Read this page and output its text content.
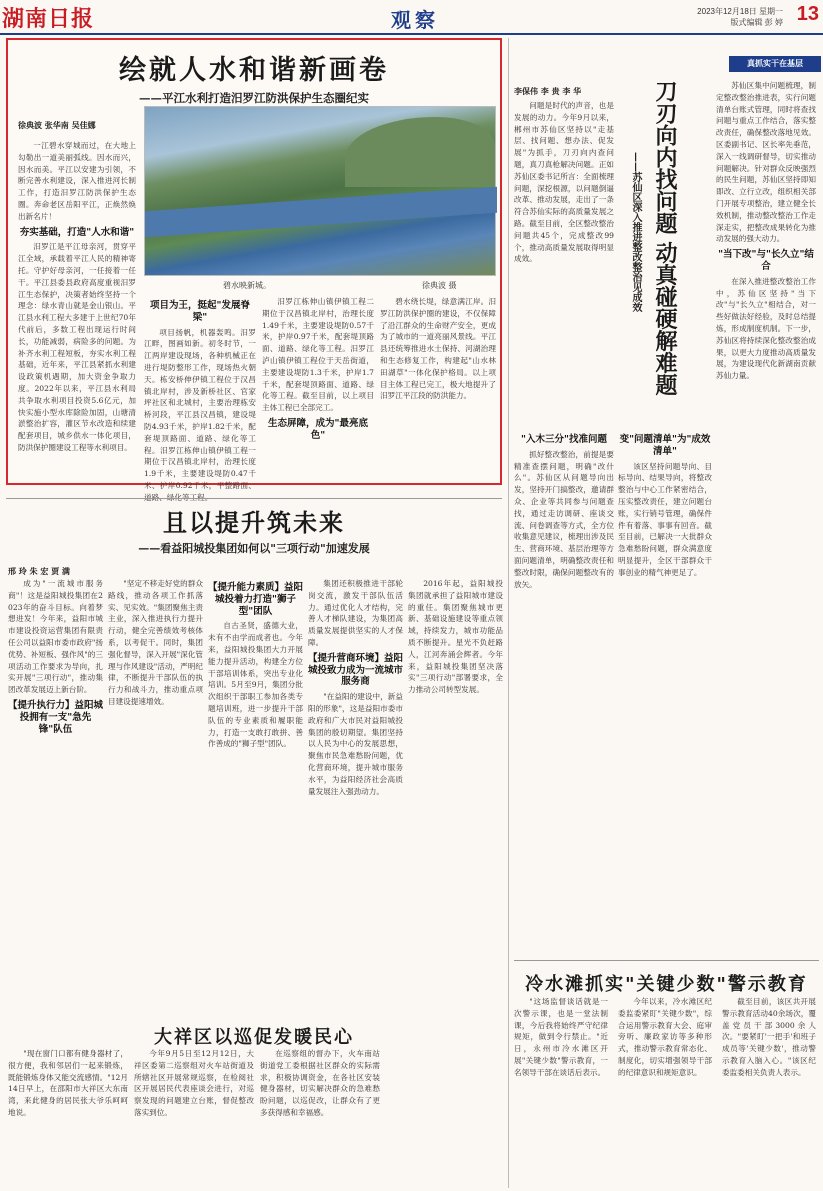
湖南日报	观察	2023年12月18日 星期一
版式编辑 彭 婷 13
绘就人水和谐新画卷
——平江水利打造汨罗江防洪保护生态圈纪实
徐典波 张华南 吴佳娜
碧水映新城。	徐典波 摄

一江碧水穿城而过，在大地上勾勒出一道美丽弧线。因水而兴，因水而美。平江以安建为引领，不断完善水利建设，深入推进河长制工作，打造汨罗江防洪保护生态圈。奔命老区岳阳平江，正焕然焕出新名片！

夯实基础，打造"人水和谐"

汨罗江是平江母亲河，贯穿平江全域，承载着平江人民的精神寄托。守护好母亲河，一任接着一任干。平江县委县政府高度重视汨罗江生态保护，决策者始终坚持一个理念：绿水青山就是金山银山。平江县水利工程大多建于上世纪70年代前后，多数工程出现运行时间长，功能减弱，病险多的问题。为补齐水利工程短板，夯实水利工程基础，近年来，平江县紧抓水利建设政策机遇期，加大资金争取力度。2022年以来，平江县水利局共争取水利项目投资5.6亿元，加快实施小型水库除险加固，山塘清淤整治扩容，灌区节水改造和续建配套项目，城乡供水一体化项目，防洪保护圈建设工程等水利项目。

项目为王，挺起"发展脊梁"

项目扬帆，机器轰鸣。汨罗江畔，图画如新。初冬时节，一江两岸建设现场，各种机械正在进行堤防整形工作，现场热火朝天。栋安桥伸伊镇工程位于汉昌镇北岸村，涉及新桥社区、官家坪社区和北城村，主要治理栋安桥河段，平江县汉昌镇，建设堤防4.93千米，护岸1.82千米，配套堤顶路面、道路、绿化等工程。汨罗江栋伸山镇伊镇工程一期位于汉昌镇北岸村，治理长度1.9千米，主要建设堤防0.47千米、护岸0.92千米，平整路面、

汨罗江栋伸山镇伊镇工程二期位于汉昌镇北岸村，治理长度1.49千米，主要建设堤防0.57千米，护岸0.97千米，配套堤顶路面、道路、绿化等工程。汨罗江泸山镇伊镇工程位于天岳街道，主要建设堤防1.3千米，护岸1.7千米，配套堤顶路面、道路、绿化等工程。截至目前，以上项目主体工程已全部完工。

生态屏障，成为"最亮底色"

碧水绕长堤，绿意满江岸。汨罗江防洪保护圈的建设，不仅保障了沿江群众的生命财产安全，更成为了城市的一道亮丽风景线。平江县还统筹推进水土保持、河湖治理和生态修复工作，构建起"山水林田湖草"一体化保护格局。以上项目主体工程已完工，极大地提升了汨罗江平江段的防洪能力。

且以提升筑未来
——看益阳城投集团如何以"三项行动"加速发展
邢 玲 朱 宏 贾 满

成为"一流城市服务商"！这是益阳城投集团在2023年的奋斗目标。向着梦想进发！今年来，益阳市城市建设投资运营集团有限责任公司以益阳市委市政府"扬优势、补短板、强作风"的三项活动工作要求为导向，扎实开展"三项行动"，推动集团改革发展迈上新台阶。

【提升执行力】益阳城投拥有一支"急先锋"队伍

"坚定不移走好党的群众路线，推动各项工作抓落实、见实效。"集团聚焦主责主业，深入推进执行力提升行动，健全完善绩效考核体系，以考促干。同时，集团强化督导，深入开展"深化管理与作风建设"活动，严明纪律，不断提升干部队伍的执行力和战斗力，推动重点项目建设提速增效。

【提升能力素质】益阳城投着力打造"狮子型"团队

自古圣贤，盛德大业，未有不由学而成者也。今年来，益阳城投集团大力开展能力提升活动，构建全方位干部培训体系，突出专业化培训。5月至9月，集团分批次组织干部职工参加各类专题培训班，进一步提升干部队伍的专业素质和履职能力，打造一支敢打敢拼、善作善成的"狮子型"团队。

集团还积极推进干部轮岗交流，激发干部队伍活力。通过优化人才结构，完善人才梯队建设，为集团高质量发展提供坚实的人才保障。

【提升营商环境】益阳城投致力成为一流城市服务商

"在益阳的建设中，新益阳的形象"，这是益阳市委市政府和广大市民对益阳城投集团的殷切期望。集团坚持以人民为中心的发展思想，聚焦市民急难愁盼问题，优化营商环境，提升城市服务水平，为益阳经济社会高质量发展注入强劲动力。

2016年起，益阳城投集团就承担了益阳城市建设的重任。集团聚焦城市更新、基础设施建设等重点领域，持续发力，城市功能品质不断提升。星光不负赶路人，江河奔涌会辉者。今年来，益阳城投集团坚决落实"三项行动"部署要求，全力推动公司转型发展。

大祥区以巡促发暖民心

"现在窗门口都有健身器材了，很方便，我和邻居们一起来锻炼，既能锻炼身体又能交流感情。"12月14日早上，在邵阳市大祥区大东南湾，来此健身的居民张大爷乐呵呵地说。

今年9月5日至12月12日，大祥区委第二巡察组对火车站街道及所辖社区开展常规巡察，在检阅社区开展居民代表座谈会进行，对巡察发现的问题建立台账，督促整改落实到位。

在巡察组的督办下，火车南站街道党工委根据社区群众的实际需求，积极协调资金，在各社区安装健身器材，切实解决群众的急难愁盼问题，以巡促改，让群众有了更多获得感和幸福感。

真抓实干在基层
刀刃向内找问题 动真碰硬解难题
——苏仙区深入推进整改整治见成效
李保伟 李 贵 李 华

问题是时代的声音，也是发展的动力。今年9月以来，郴州市苏仙区坚持以"走基层、找问题、想办法、促发展"为抓手，刀刃向内查问题，真刀真枪解决问题。正如苏仙区委书记所言：全面梳理问题，深挖根源，以问题倒逼改革、推动发展，走出了一条符合苏仙实际的高质量发展之路。截至目前，全区整改整治问题共45个，完成整改99个，推动高质量发展取得明显成效。

"入木三分"找准问题

抓好整改整治，前提是要精准查摆问题，明确"改什么"。苏仙区从问题导向出发，坚持开门搞整改，邀请群众、企业等共同参与问题查找，通过走访调研、座谈交流、问卷调查等方式，全方位收集意见建议，梳理出涉及民生、营商环境、基层治理等方面问题清单，明确整改责任和整改时限，确保问题整改有的放矢。

变"问题清单"为"成效清单"

该区坚持问题导向、目标导向、结果导向，将整改整治与中心工作紧密结合，压实整改责任，建立问题台账，实行销号管理，确保件件有着落、事事有回音。截至目前，已解决一大批群众急难愁盼问题，群众满意度明显提升，全区干部群众干事创业的精气神更足了。

苏仙区集中问题梳理，制定整改整治推进表，实行问题清单台账式管理，同时将查找问题与重点工作结合，落实整改责任，确保整改落地见效。区委副书记、区长率先垂范，深入一线调研督导，切实推动问题解决。针对群众反映强烈的民生问题，苏仙区坚持即知即改、立行立改，组织相关部门开展专项整治，建立健全长效机制，推动整改整治工作走深走实，把整改成果转化为推动发展的强大动力。

"当下改"与"长久立"结合

在深入推进整改整治工作中，苏仙区坚持"当下改"与"长久立"相结合，对一些好做法好经验，及时总结提炼，形成制度机制。下一步，苏仙区将持续深化整改整治成果，以更大力度推动高质量发展，为建设现代化新湖南贡献苏仙力量。

冷水滩抓实"关键少数"警示教育

"这场监督谈话就是一次警示课，也是一堂法制课，今后我将始终严守纪律规矩，做到令行禁止。"近日，永州市冷水滩区开展"关键少数"警示教育，一名领导干部在谈话后表示。

今年以来，冷水滩区纪委监委紧盯"关键少数"，综合运用警示教育大会、庭审旁听、廉政家访等多种形式，推动警示教育常态化、制度化，切实增强领导干部的纪律意识和规矩意识。

截至目前，该区共开展警示教育活动40余场次，覆盖党员干部3000余人次。"要紧盯'一把手'和班子成员等'关键少数'，推动警示教育入脑入心。"该区纪委监委相关负责人表示。
